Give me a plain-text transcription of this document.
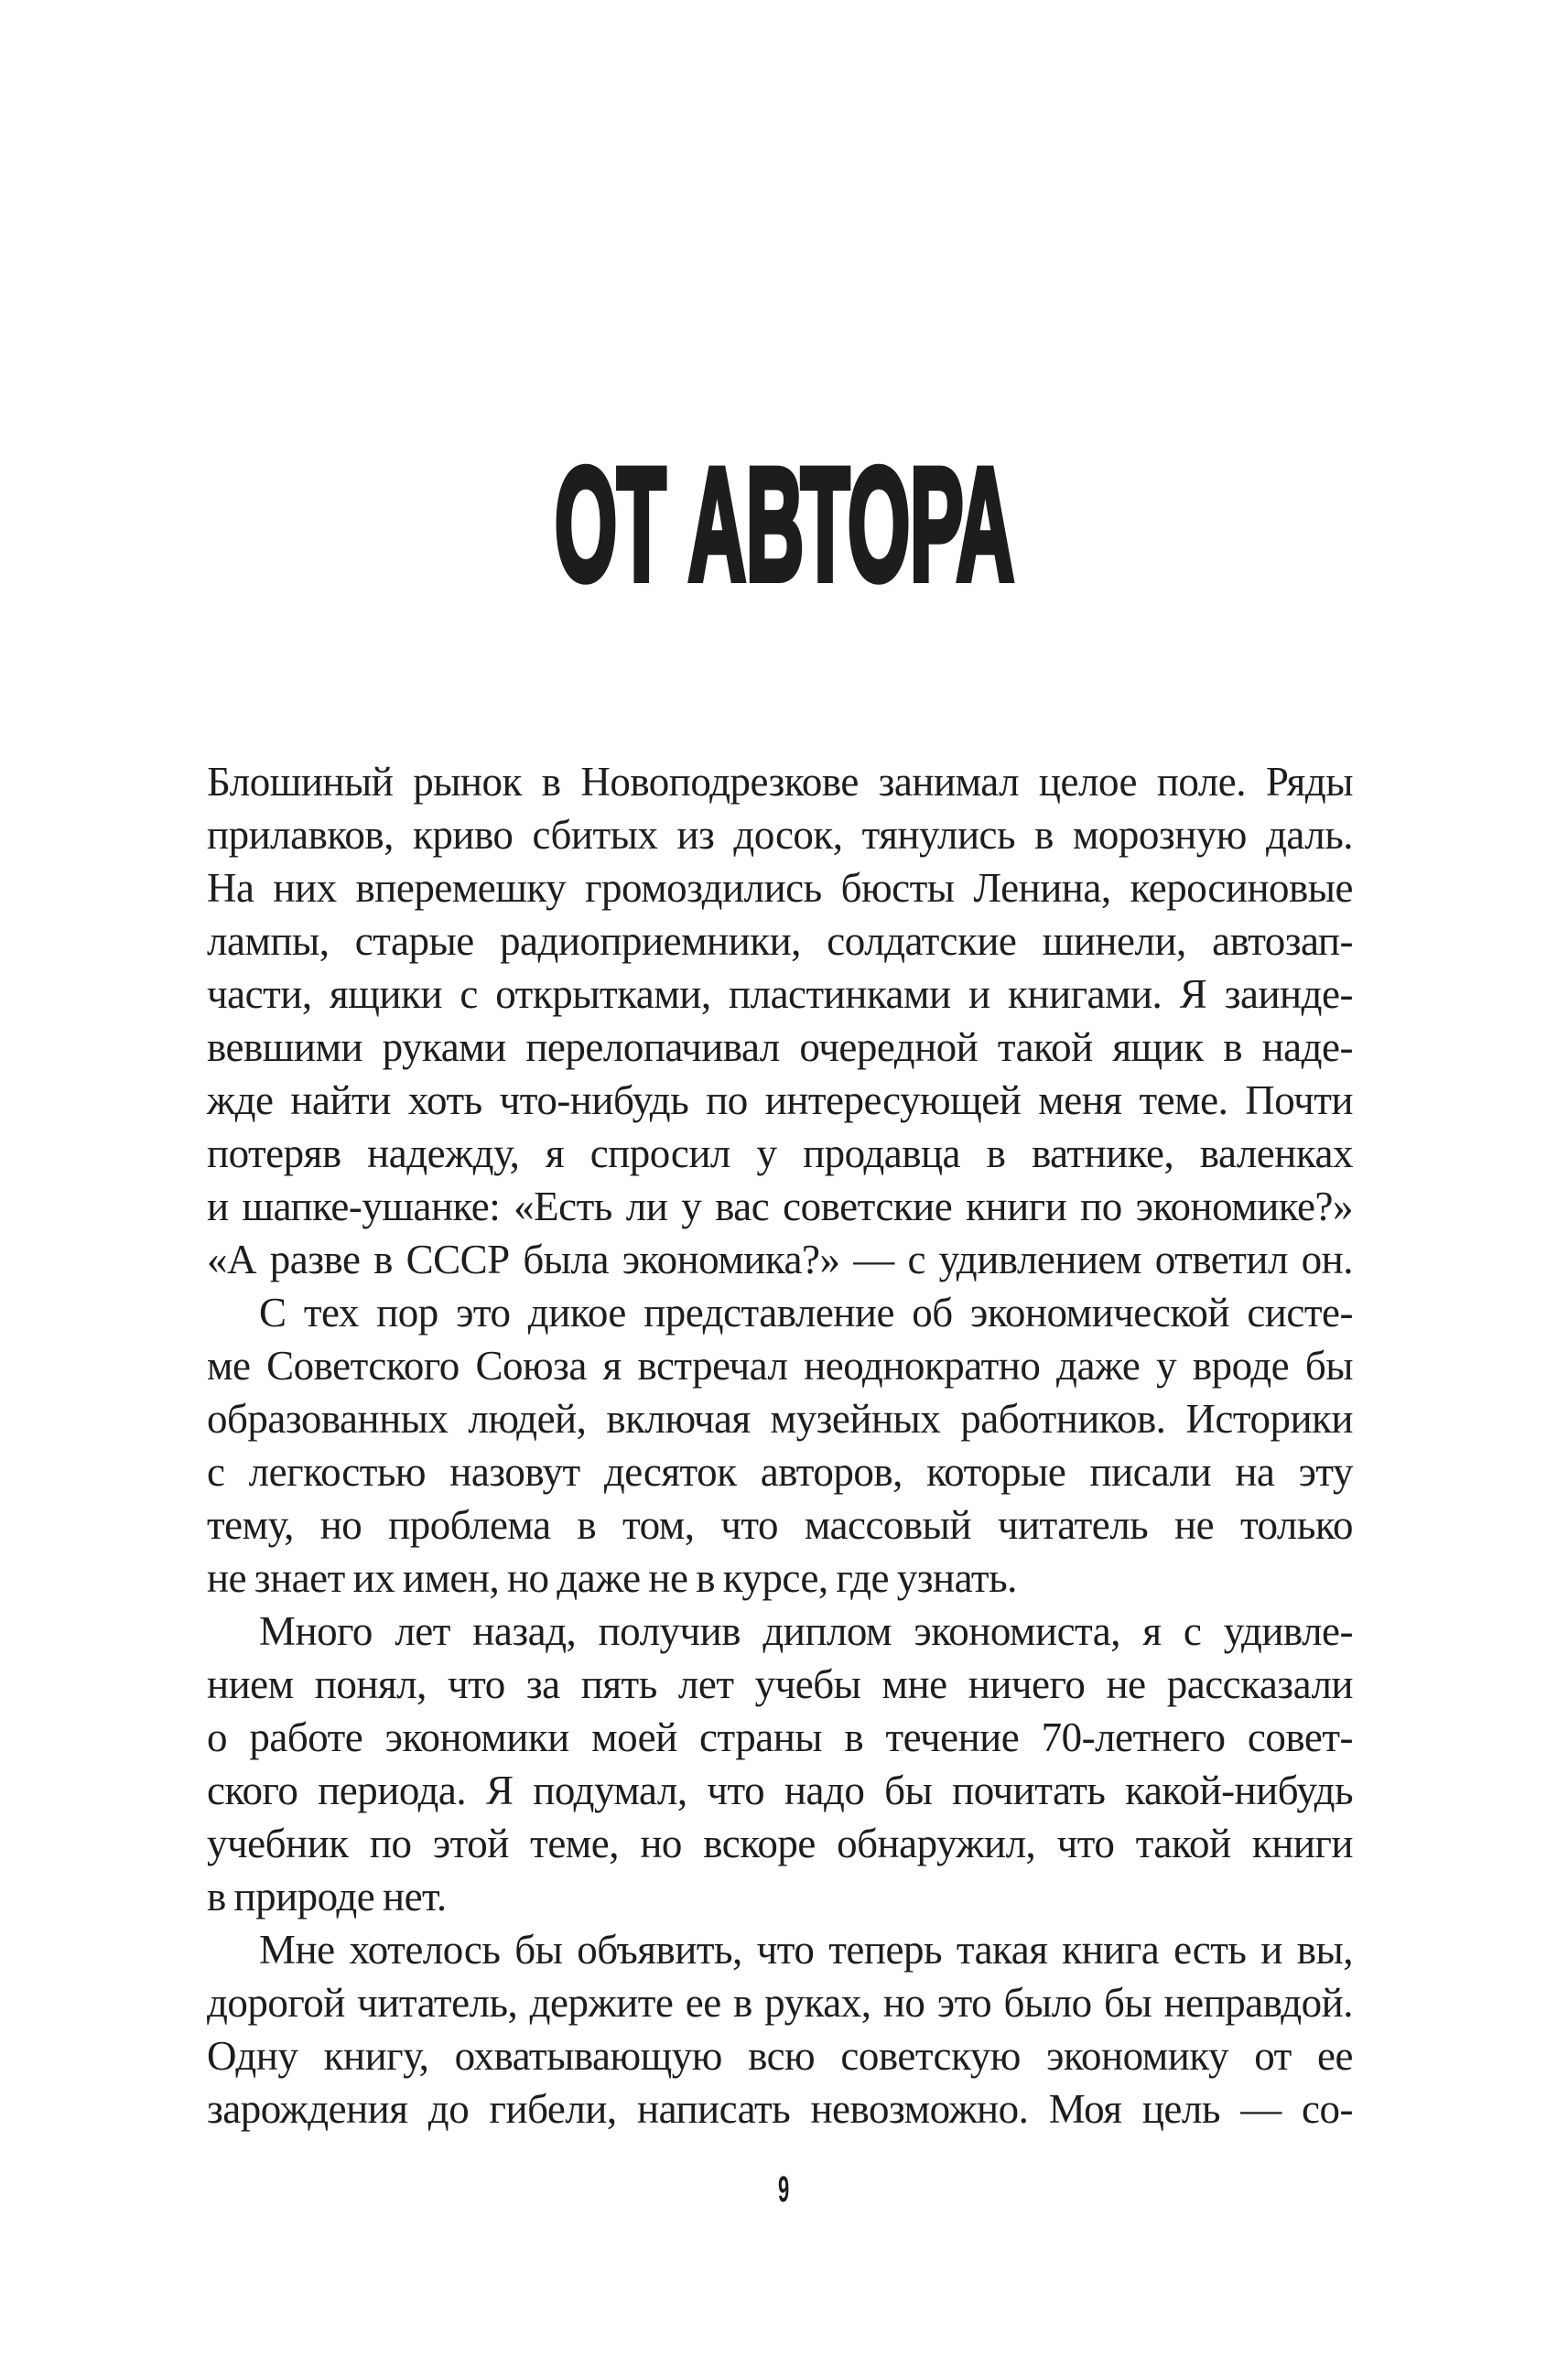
ОТ АВТОРА
Блошиный рынок в Новоподрезкове занимал целое поле. Ряды
прилавков, криво сбитых из досок, тянулись в морозную даль.
На них вперемешку громоздились бюсты Ленина, керосиновые
лампы, старые радиоприемники, солдатские шинели, автозап-
части, ящики с открытками, пластинками и книгами. Я заинде-
вевшими руками перелопачивал очередной такой ящик в наде-
жде найти хоть что-нибудь по интересующей меня теме. Почти
потеряв надежду, я спросил у продавца в ватнике, валенках
и шапке-ушанке: «Есть ли у вас советские книги по экономике?»
«А разве в СССР была экономика?» — с удивлением ответил он.
С тех пор это дикое представление об экономической систе-
ме Советского Союза я встречал неоднократно даже у вроде бы
образованных людей, включая музейных работников. Историки
с легкостью назовут десяток авторов, которые писали на эту
тему, но проблема в том, что массовый читатель не только
не знает их имен, но даже не в курсе, где узнать.
Много лет назад, получив диплом экономиста, я с удивле-
нием понял, что за пять лет учебы мне ничего не рассказали
о работе экономики моей страны в течение 70-летнего совет-
ского периода. Я подумал, что надо бы почитать какой-нибудь
учебник по этой теме, но вскоре обнаружил, что такой книги
в природе нет.
Мне хотелось бы объявить, что теперь такая книга есть и вы,
дорогой читатель, держите ее в руках, но это было бы неправдой.
Одну книгу, охватывающую всю советскую экономику от ее
зарождения до гибели, написать невозможно. Моя цель — со-
9
